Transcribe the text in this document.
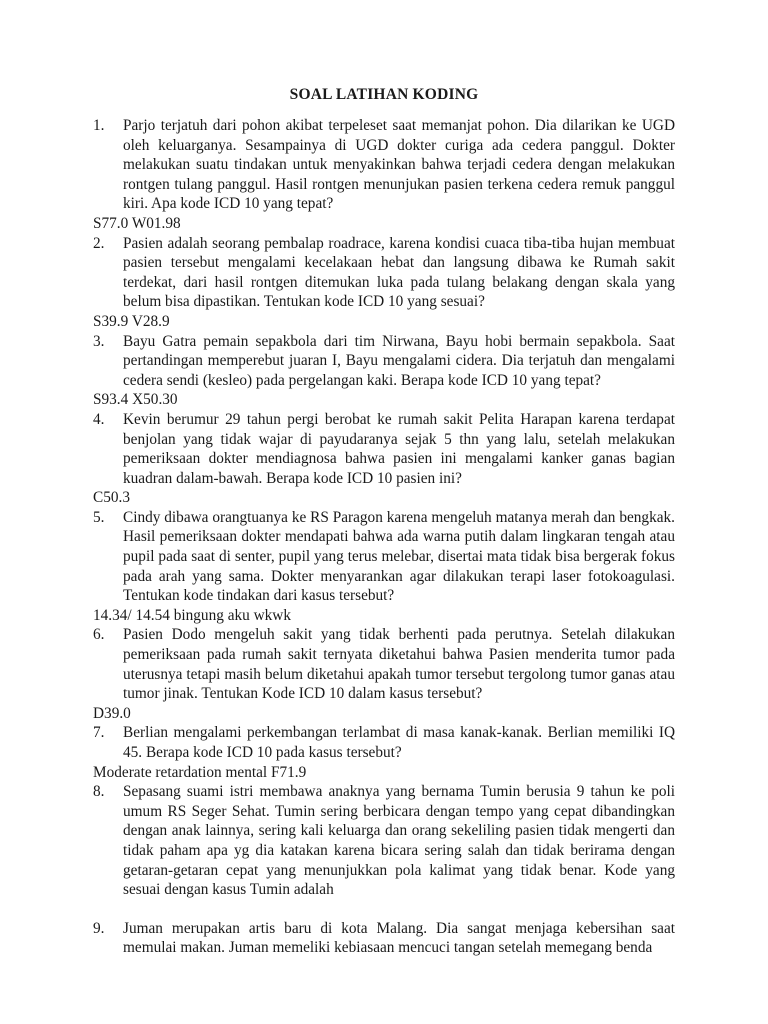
SOAL LATIHAN KODING
1.	Parjo terjatuh dari pohon akibat terpeleset saat memanjat pohon. Dia dilarikan ke UGD oleh keluarganya. Sesampainya di UGD dokter curiga ada cedera panggul. Dokter melakukan suatu tindakan untuk menyakinkan bahwa terjadi cedera dengan melakukan rontgen tulang panggul. Hasil rontgen menunjukan pasien terkena cedera remuk panggul kiri. Apa kode ICD 10 yang tepat?

S77.0 W01.98

2.	Pasien adalah seorang pembalap roadrace, karena kondisi cuaca tiba-tiba hujan membuat pasien tersebut mengalami kecelakaan hebat dan langsung dibawa ke Rumah sakit terdekat, dari hasil rontgen ditemukan luka pada tulang belakang dengan skala yang belum bisa dipastikan. Tentukan kode ICD 10 yang sesuai?

S39.9 V28.9

3.	Bayu Gatra pemain sepakbola dari tim Nirwana, Bayu hobi bermain sepakbola. Saat pertandingan memperebut juaran I, Bayu mengalami cidera. Dia terjatuh dan mengalami cedera sendi (kesleo) pada pergelangan kaki. Berapa kode ICD 10 yang tepat?

S93.4 X50.30

4.	Kevin berumur 29 tahun pergi berobat ke rumah sakit Pelita Harapan karena terdapat benjolan yang tidak wajar di payudaranya sejak 5 thn yang lalu, setelah melakukan pemeriksaan dokter mendiagnosa bahwa pasien ini mengalami kanker ganas bagian kuadran dalam-bawah. Berapa kode ICD 10 pasien ini?

C50.3

5.	Cindy dibawa orangtuanya ke RS Paragon karena mengeluh matanya merah dan bengkak. Hasil pemeriksaan dokter mendapati bahwa ada warna putih dalam lingkaran tengah atau pupil pada saat di senter, pupil yang terus melebar, disertai mata tidak bisa bergerak fokus pada arah yang sama. Dokter menyarankan agar dilakukan terapi laser fotokoagulasi. Tentukan kode tindakan dari kasus tersebut?

14.34/ 14.54 bingung aku wkwk

6.	Pasien Dodo mengeluh sakit yang tidak berhenti pada perutnya. Setelah dilakukan pemeriksaan pada rumah sakit ternyata diketahui bahwa Pasien menderita tumor pada uterusnya tetapi masih belum diketahui apakah tumor tersebut tergolong tumor ganas atau tumor jinak. Tentukan Kode ICD 10 dalam kasus tersebut?

D39.0

7.	Berlian mengalami perkembangan terlambat di masa kanak-kanak. Berlian memiliki IQ 45. Berapa kode ICD 10 pada kasus tersebut?

Moderate retardation mental F71.9

8.	Sepasang suami istri membawa anaknya yang bernama Tumin berusia 9 tahun ke poli umum RS Seger Sehat. Tumin sering berbicara dengan tempo yang cepat dibandingkan dengan anak lainnya, sering kali keluarga dan orang sekeliling pasien tidak mengerti dan tidak paham apa yg dia katakan karena bicara sering salah dan tidak berirama dengan getaran-getaran cepat yang menunjukkan pola kalimat yang tidak benar. Kode yang sesuai dengan kasus Tumin adalah
9.	Juman merupakan artis baru di kota Malang. Dia sangat menjaga kebersihan saat memulai makan. Juman memeliki kebiasaan mencuci tangan setelah memegang benda
